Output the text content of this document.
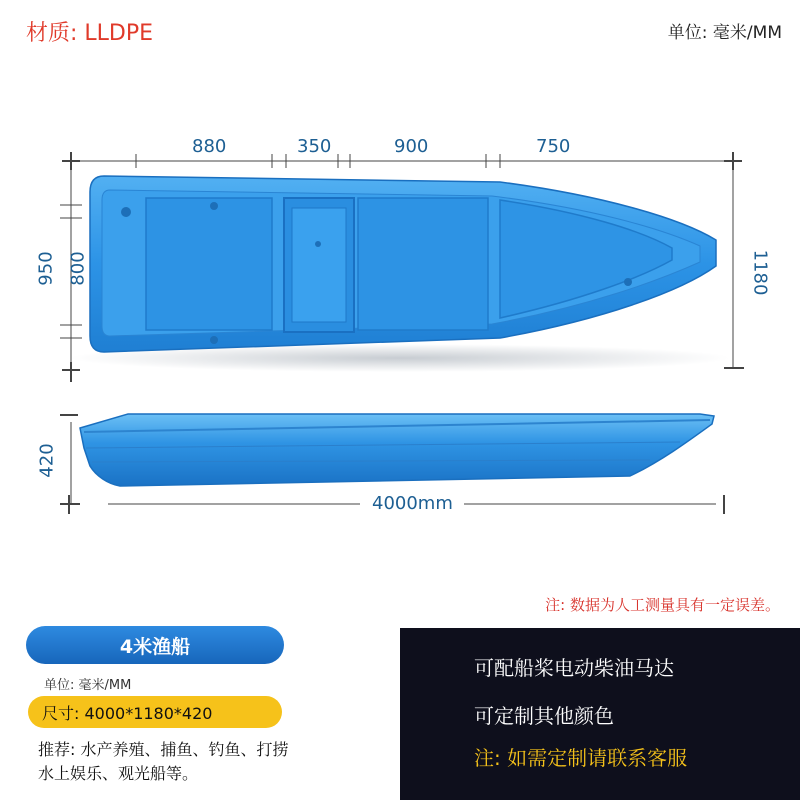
材质: LLDPE	单位: 毫米/MM
880	350	900	750
950 800	1180
420
4000mm
注: 数据为人工测量具有一定误差。
4米渔船
单位: 毫米/MM
尺寸: 4000*1180*420
推荐: 水产养殖、捕鱼、钓鱼、打捞
水上娱乐、观光船等。
可配船桨电动柴油马达
可定制其他颜色
注: 如需定制请联系客服
